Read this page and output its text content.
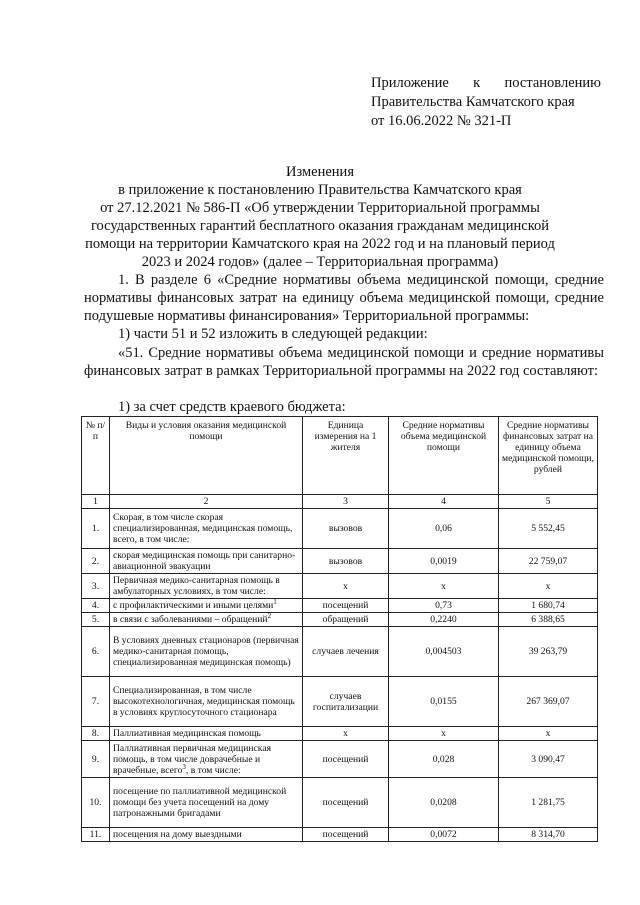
Приложение к постановлению
Правительства Камчатского края
от 16.06.2022 № 321-П
Изменения
в приложение к постановлению Правительства Камчатского края
от 27.12.2021 № 586-П «Об утверждении Территориальной программы
государственных гарантий бесплатного оказания гражданам медицинской
помощи на территории Камчатского края на 2022 год и на плановый период
2023 и 2024 годов» (далее – Территориальная программа)
1. В разделе 6 «Средние нормативы объема медицинской помощи, средние нормативы финансовых затрат на единицу объема медицинской помощи, средние подушевые нормативы финансирования» Территориальной программы:
1) части 51 и 52 изложить в следующей редакции:
«51. Средние нормативы объема медицинской помощи и средние нормативы финансовых затрат в рамках Территориальной программы на 2022 год составляют:
1) за счет средств краевого бюджета:
№ п/п	Виды и условия оказания медицинской помощи	Единица измерения на 1 жителя	Средние нормативы объема медицинской помощи	Средние нормативы финансовых затрат на единицу объема медицинской помощи, рублей
1	2	3	4	5
1.	Скорая, в том числе скорая специализированная, медицинская помощь, всего, в том числе:	вызовов	0,06	5 552,45
2.	скорая медицинская помощь при санитарно-авиационной эвакуации	вызовов	0,0019	22 759,07
3.	Первичная медико-санитарная помощь в амбулаторных условиях, в том числе:	х	х	х
4.	с профилактическими и иными целями$^1$	посещений	0,73	1 680,74
5.	в связи с заболеваниями – обращений$^2$	обращений	0,2240	6 388,65
6.	В условиях дневных стационаров (первичная медико-санитарная помощь, специализированная медицинская помощь)	случаев лечения	0,004503	39 263,79
7.	Специализированная, в том числе высокотехнологичная, медицинская помощь в условиях круглосуточного стационара	случаев госпитализации	0,0155	267 369,07
8.	Паллиативная медицинская помощь	х	х	х
9.	Паллиативная первичная медицинская помощь, в том числе доврачебные и врачебные, всего$^3$, в том числе:	посещений	0,028	3 090,47
10.	посещение по паллиативной медицинской помощи без учета посещений на дому патронажными бригадами	посещений	0,0208	1 281,75
11.	посещения на дому выездными	посещений	0,0072	8 314,70
